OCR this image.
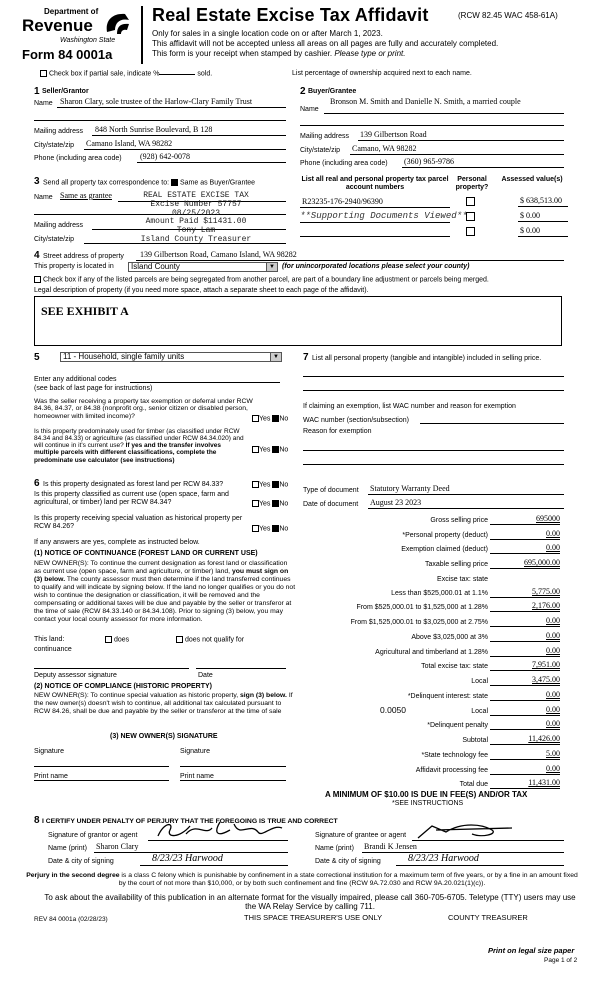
Department of
Revenue
Washington State
Form 84 0001a
Real Estate Excise Tax Affidavit	(RCW 82.45 WAC 458-61A)
Only for sales in a single location code on or after March 1, 2023.
This affidavit will not be accepted unless all areas on all pages are fully and accurately completed.
This form is your receipt when stamped by cashier. Please type or print.
Check box if partial sale, indicate %	sold.	List percentage of ownership acquired next to each name.
1 Seller/Grantor
Name Sharon Clary, sole trustee of the Harlow-Clary Family Trust
Mailing address 848 North Sunrise Boulevard, B 128
City/state/zip Camano Island, WA 98282
Phone (including area code) (928) 642-0078
2 Buyer/Grantee
Name
Bronson M. Smith and Danielle N. Smith, a married couple
Mailing address 139 Gilbertson Road
City/state/zip Camano, WA 98282
Phone (including area code) (360) 965-9786
3 Send all property tax correspondence to: Same as Buyer/Grantee
Name Same as grantee
Mailing address
City/state/zip
REAL ESTATE EXCISE TAX
Excise Number 57757
08/25/2023
Amount Paid $11431.00
Tony Lam
Island County Treasurer
List all real and personal property tax parcel account numbers
Personal property?
Assessed value(s)
R23235-176-2940/96390	$ 638,513.00
**Supporting Documents Viewed**	$ 0.00
$ 0.00
4 Street address of property 139 Gilbertson Road, Camano Island, WA 98282
This property is located in	Island County	▼ (for unincorporated locations please select your county)
Check box if any of the listed parcels are being segregated from another parcel, are part of a boundary line adjustment or parcels being merged.
Legal description of property (if you need more space, attach a separate sheet to each page of the affidavit).
SEE EXHIBIT A
5	11 - Household, single family units	▼
Enter any additional codes
(see back of last page for instructions)
Was the seller receiving a property tax exemption or deferral under RCW 84.36, 84.37, or 84.38 (nonprofit org., senior citizen or disabled person, homeowner with limited income)?	Yes No
Is this property predominately used for timber (as classified under RCW 84.34 and 84.33) or agriculture (as classified under RCW 84.34.020) and will continue in it's current use? If yes and the transfer involves multiple parcels with different classifications, complete the predominate use calculator (see instructions)
Yes No
6 Is this property designated as forest land per RCW 84.33?	Yes No
Is this property classified as current use (open space, farm and agricultural, or timber) land per RCW 84.34?	Yes No
Is this property receiving special valuation as historical property per RCW 84.26?	Yes No
If any answers are yes, complete as instructed below.
(1) NOTICE OF CONTINUANCE (FOREST LAND OR CURRENT USE)
NEW OWNER(S): To continue the current designation as forest land or classification as current use (open space, farm and agriculture, or timber) land, you must sign on (3) below. The county assessor must then determine if the land transferred continues to qualify and will indicate by signing below. If the land no longer qualifies or you do not wish to continue the designation or classification, it will be removed and the compensating or additional taxes will be due and payable by the seller or transferor at the time of sale (RCW 84.33.140 or 84.34.108). Prior to signing (3) below, you may contact your local county assessor for more information.
This land:	does	does not qualify for
continuance
Deputy assessor signature	Date
(2) NOTICE OF COMPLIANCE (HISTORIC PROPERTY)
NEW OWNER(S): To continue special valuation as historic property, sign (3) below. If the new owner(s) doesn't wish to continue, all additional tax calculated pursuant to RCW 84.26, shall be due and payable by the seller or transferor at the time of sale
(3) NEW OWNER(S) SIGNATURE
Signature	Signature
Print name	Print name
7 List all personal property (tangible and intangible) included in selling price.
If claiming an exemption, list WAC number and reason for exemption
WAC number (section/subsection)
Reason for exemption
Type of document Statutory Warranty Deed
Date of document August 23 2023
Gross selling price	695000
*Personal property (deduct)	0.00
Exemption claimed (deduct)	0.00
Taxable selling price	695,000.00
Excise tax: state
Less than $525,000.01 at 1.1%	5,775.00
From $525,000.01 to $1,525,000 at 1.28%	2,176.00
From $1,525,000.01 to $3,025,000 at 2.75%	0.00
Above $3,025,000 at 3%	0.00
Agricultural and timberland at 1.28%	0.00
Total excise tax: state	7,951.00
Local	3,475.00
*Delinquent interest: state	0.00
Local	0.00
*Delinquent penalty	0.00
Subtotal	11,426.00
*State technology fee	5.00
Affidavit processing fee	0.00
Total due	11,431.00
0.0050
A MINIMUM OF $10.00 IS DUE IN FEE(S) AND/OR TAX
*SEE INSTRUCTIONS
8 I CERTIFY UNDER PENALTY OF PERJURY THAT THE FOREGOING IS TRUE AND CORRECT
Signature of grantor or agent
Name (print) Sharon Clary
Date & city of signing	8/23/23 Harwood
Signature of grantee or agent
Name (print) Brandi K Jensen
Date & city of signing	8/23/23 Harwood
Perjury in the second degree is a class C felony which is punishable by confinement in a state correctional institution for a maximum term of five years, or by a fine in an amount fixed by the court of not more than $10,000, or by both such confinement and fine (RCW 9A.72.030 and RCW 9A.20.021(1)(c)).
To ask about the availability of this publication in an alternate format for the visually impaired, please call 360-705-6705. Teletype (TTY) users may use the WA Relay Service by calling 711.
REV 84 0001a (02/28/23)	THIS SPACE TREASURER'S USE ONLY	COUNTY TREASURER
Print on legal size paper
Page 1 of 2
